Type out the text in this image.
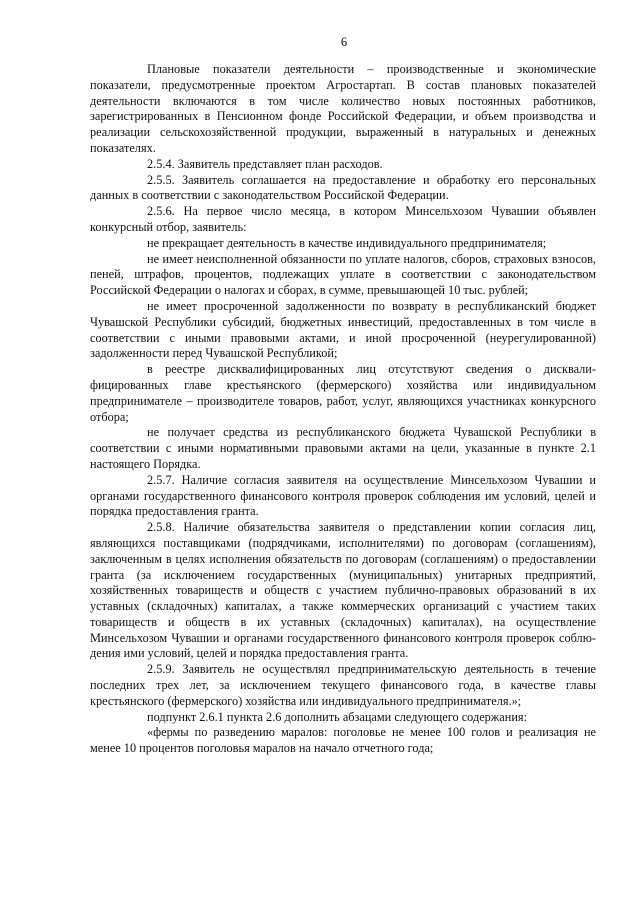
6

Плановые показатели деятельности – производственные и экономические показатели, предусмотренные проектом Агростартап. В состав плановых показателей деятельности включаются в том числе количество новых постоянных работников, зарегистрированных в Пенсионном фонде Российской Федерации, и объем производства и реализации сельскохозяйственной продукции, выраженный в натуральных и денежных показателях.

2.5.4. Заявитель представляет план расходов.

2.5.5. Заявитель соглашается на предоставление и обработку его персональных данных в соответствии с законодательством Российской Федерации.

2.5.6. На первое число месяца, в котором Минсельхозом Чувашии объявлен конкурсный отбор, заявитель:

не прекращает деятельность в качестве индивидуального предпринимателя;

не имеет неисполненной обязанности по уплате налогов, сборов, страховых взносов, пеней, штрафов, процентов, подлежащих уплате в соответствии с законодательством Российской Федерации о налогах и сборах, в сумме, превышающей 10 тыс. рублей;

не имеет просроченной задолженности по возврату в республиканский бюджет Чувашской Республики субсидий, бюджетных инвестиций, предоставленных в том числе в соответствии с иными правовыми актами, и иной просроченной (неурегулированной) задолженности перед Чувашской Республикой;

в реестре дисквалифицированных лиц отсутствуют сведения о дисквалифицированных главе крестьянского (фермерского) хозяйства или индивидуальном предпринимателе – производителе товаров, работ, услуг, являющихся участниках конкурсного отбора;

не получает средства из республиканского бюджета Чувашской Республики в соответствии с иными нормативными правовыми актами на цели, указанные в пункте 2.1 настоящего Порядка.

2.5.7. Наличие согласия заявителя на осуществление Минсельхозом Чувашии и органами государственного финансового контроля проверок соблюдения им условий, целей и порядка предоставления гранта.

2.5.8. Наличие обязательства заявителя о представлении копии согласия лиц, являющихся поставщиками (подрядчиками, исполнителями) по договорам (соглашениям), заключенным в целях исполнения обязательств по договорам (соглашениям) о предоставлении гранта (за исключением государственных (муниципальных) унитарных предприятий, хозяйственных товариществ и обществ с участием публично-правовых образований в их уставных (складочных) капиталах, а также коммерческих организаций с участием таких товариществ и обществ в их уставных (складочных) капиталах), на осуществление Минсельхозом Чувашии и органами государственного финансового контроля проверок соблюдения ими условий, целей и порядка предоставления гранта.

2.5.9. Заявитель не осуществлял предпринимательскую деятельность в течение последних трех лет, за исключением текущего финансового года, в качестве главы крестьянского (фермерского) хозяйства или индивидуального предпринимателя.»;

подпункт 2.6.1 пункта 2.6 дополнить абзацами следующего содержания:

«фермы по разведению маралов: поголовье не менее 100 голов и реализация не менее 10 процентов поголовья маралов на начало отчетного года;
